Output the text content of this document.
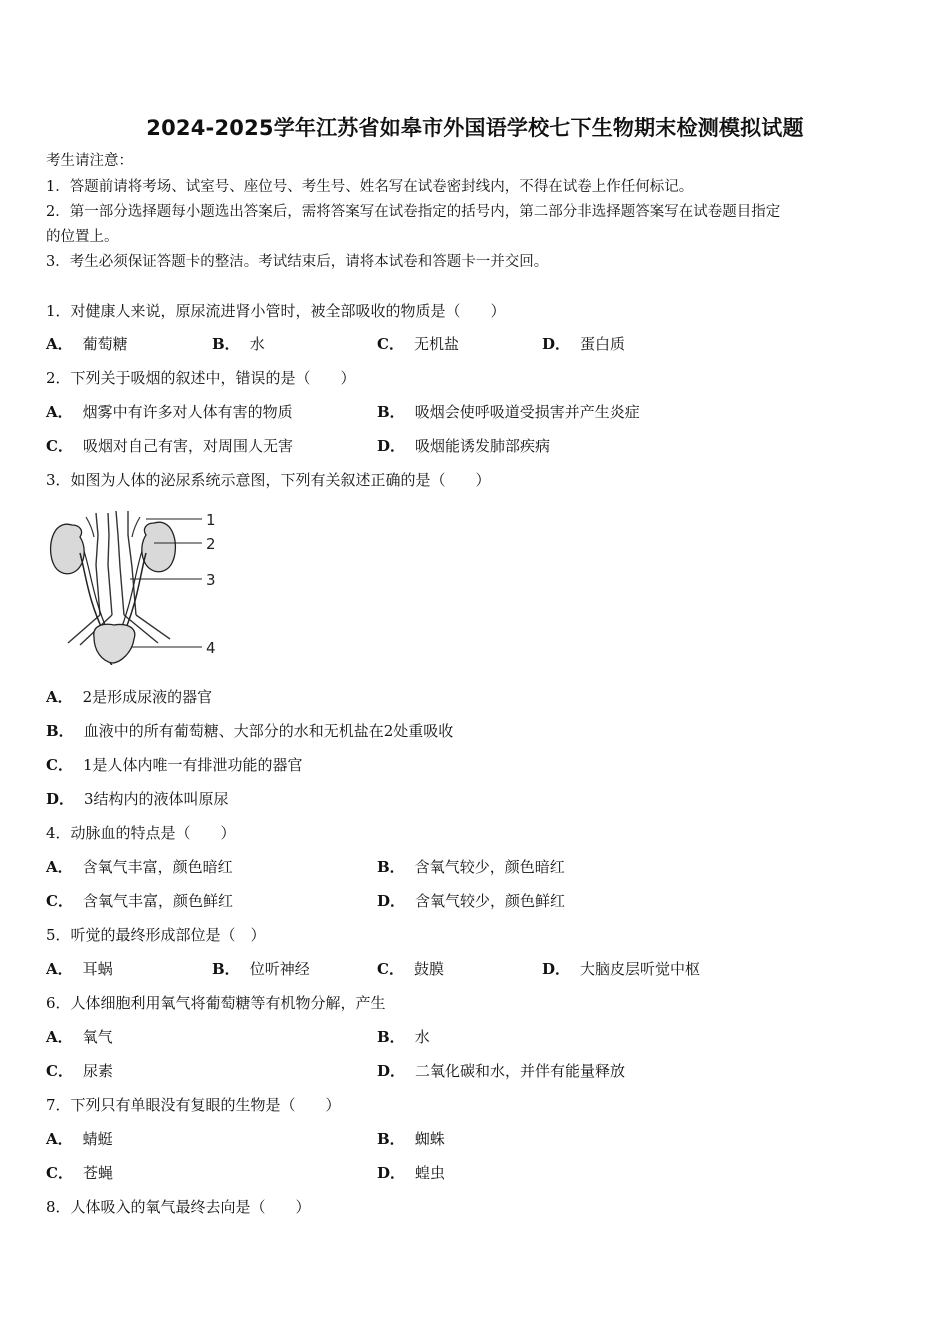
2024-2025学年江苏省如皋市外国语学校七下生物期末检测模拟试题
考生请注意：
1．答题前请将考场、试室号、座位号、考生号、姓名写在试卷密封线内，不得在试卷上作任何标记。
2．第一部分选择题每小题选出答案后，需将答案写在试卷指定的括号内，第二部分非选择题答案写在试卷题目指定
的位置上。
3．考生必须保证答题卡的整洁。考试结束后，请将本试卷和答题卡一并交回。
1．对健康人来说，原尿流进肾小管时，被全部吸收的物质是（　　）
A． 葡萄糖	B． 水	C． 无机盐	D． 蛋白质
2．下列关于吸烟的叙述中，错误的是（　　）
A． 烟雾中有许多对人体有害的物质	B． 吸烟会使呼吸道受损害并产生炎症
C． 吸烟对自己有害，对周围人无害	D． 吸烟能诱发肺部疾病
3．如图为人体的泌尿系统示意图，下列有关叙述正确的是（　　）
1
2
3
4
A． 2是形成尿液的器官
B． 血液中的所有葡萄糖、大部分的水和无机盐在2处重吸收
C． 1是人体内唯一有排泄功能的器官
D． 3结构内的液体叫原尿
4．动脉血的特点是（　　）
A． 含氧气丰富，颜色暗红	B． 含氧气较少，颜色暗红
C． 含氧气丰富，颜色鲜红	D． 含氧气较少，颜色鲜红
5．听觉的最终形成部位是（　）
A． 耳蜗	B． 位听神经	C． 鼓膜	D． 大脑皮层听觉中枢
6．人体细胞利用氧气将葡萄糖等有机物分解，产生
A． 氧气	B． 水
C． 尿素	D． 二氧化碳和水，并伴有能量释放
7．下列只有单眼没有复眼的生物是（　　）
A． 蜻蜓	B． 蜘蛛
C． 苍蝇	D． 蝗虫
8．人体吸入的氧气最终去向是（　　）
